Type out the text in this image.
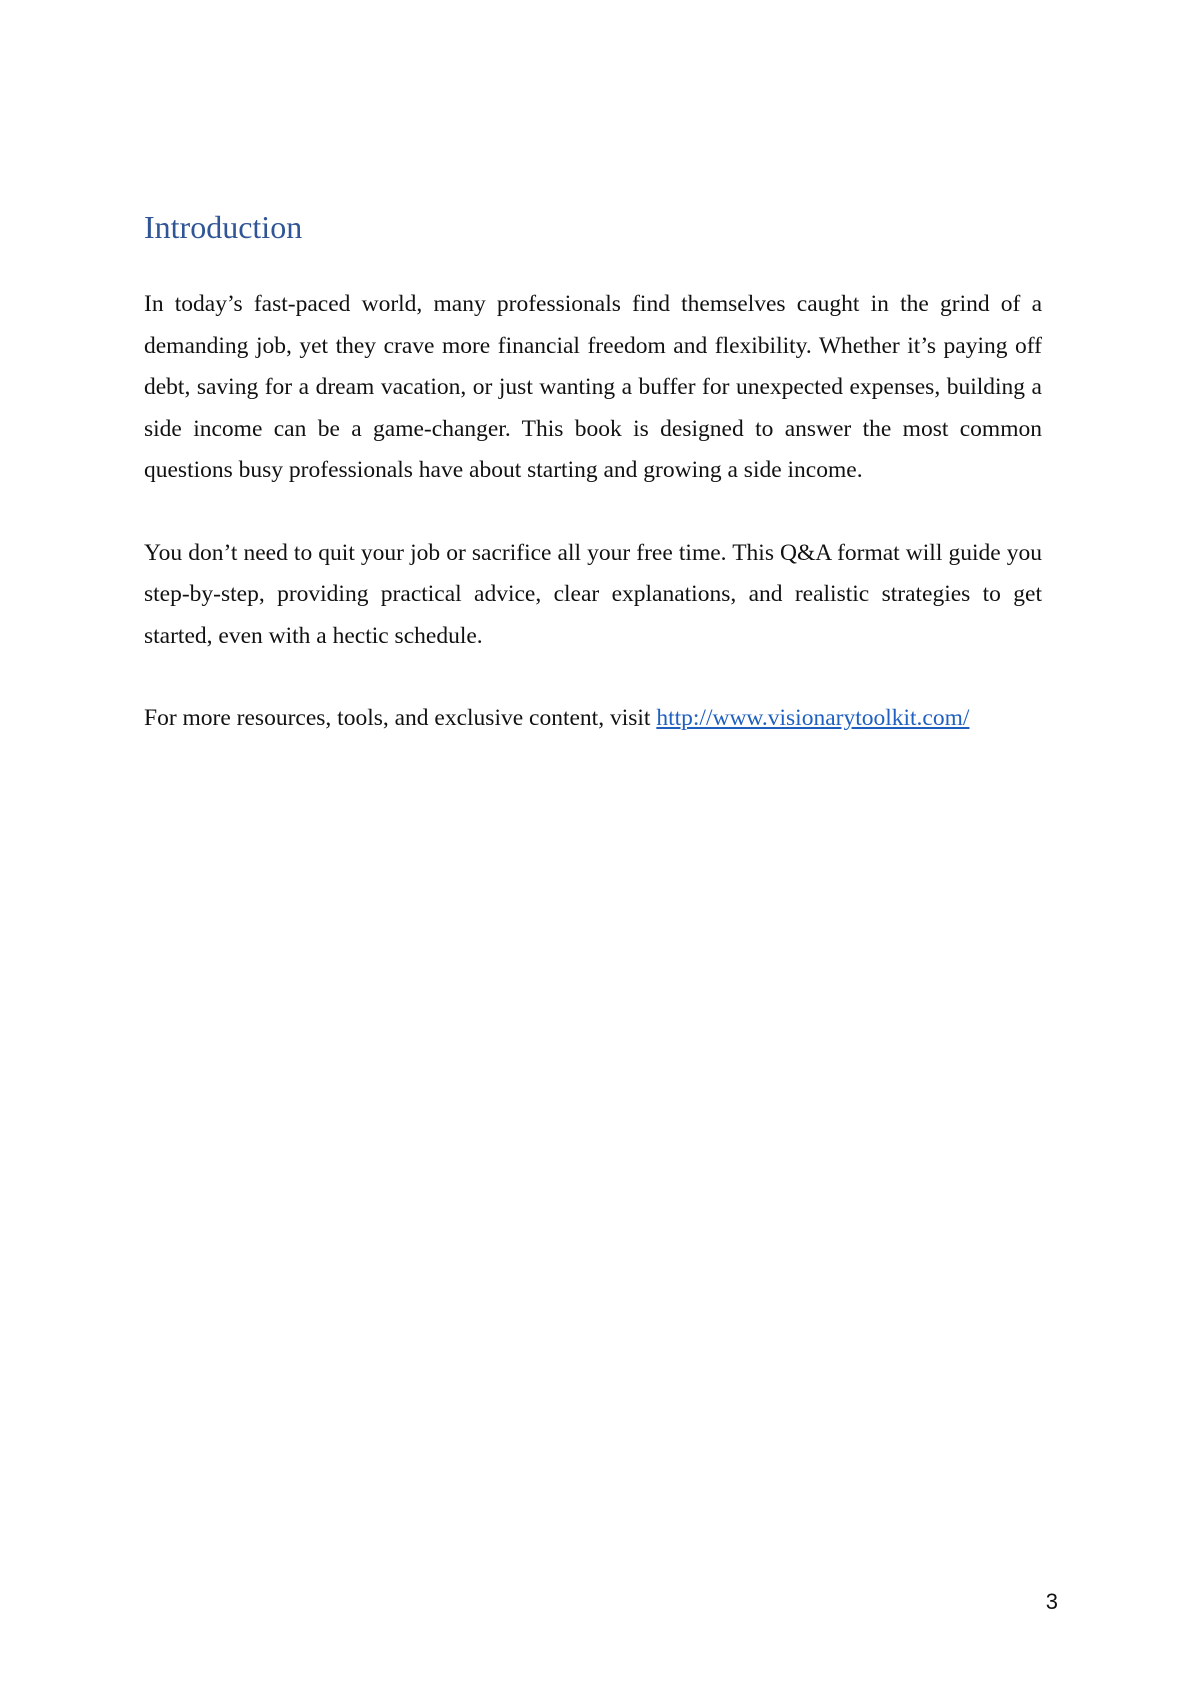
Introduction

In today’s fast-paced world, many professionals find themselves caught in the grind of a demanding job, yet they crave more financial freedom and flexibility. Whether it’s paying off debt, saving for a dream vacation, or just wanting a buffer for unexpected expenses, building a side income can be a game-changer. This book is designed to answer the most common questions busy professionals have about starting and growing a side income.

You don’t need to quit your job or sacrifice all your free time. This Q&A format will guide you step-by-step, providing practical advice, clear explanations, and realistic strategies to get started, even with a hectic schedule.

For more resources, tools, and exclusive content, visit http://www.visionarytoolkit.com/

3
